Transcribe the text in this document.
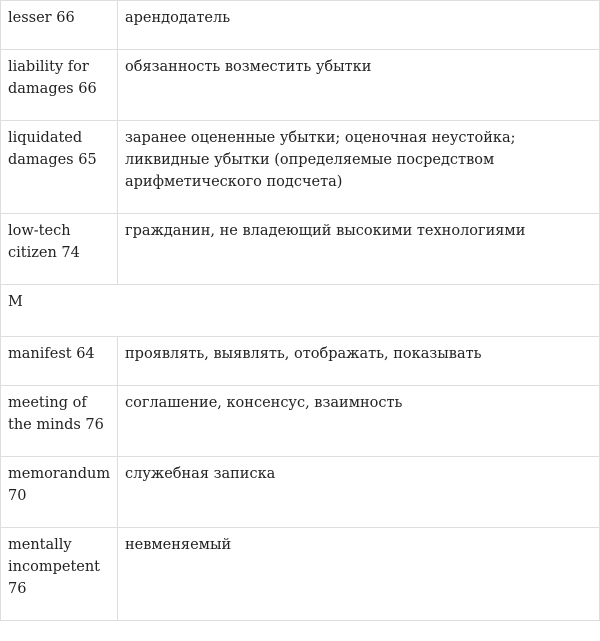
lesser 66	арендодатель
liability for damages 66	обязанность возместить убытки
liquidated damages 65	заранее оцененные убытки; оценочная неустойка; ликвидные убытки (определяемые посредством арифметического подсчета)
low-tech citizen 74	гражданин, не владеющий высокими технологиями
M	
manifest 64	проявлять, выявлять, отображать, показывать
meeting of the minds 76	соглашение, консенсус, взаимность
memorandum 70	служебная записка
mentally incompetent 76	невменяемый
